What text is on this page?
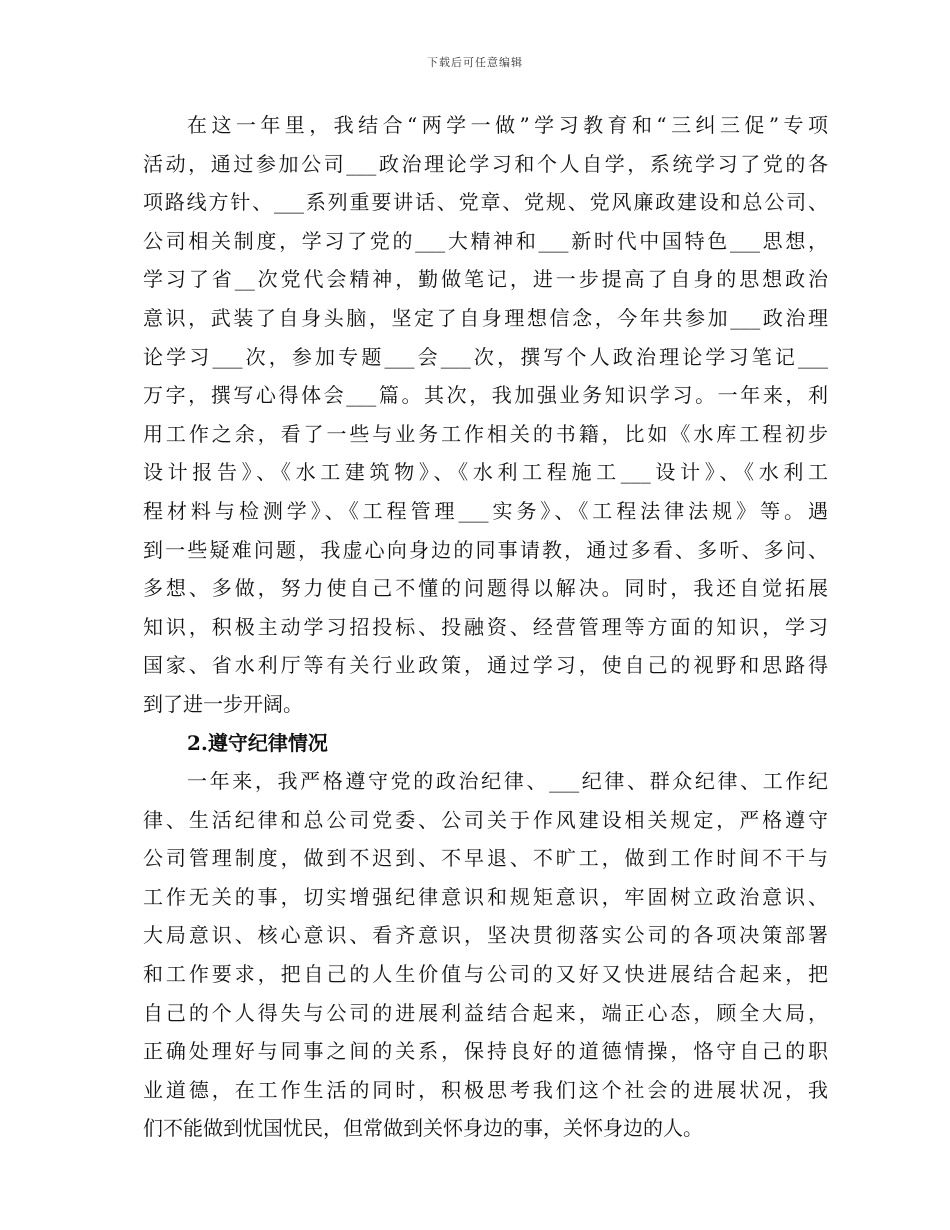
下载后可任意编辑
在这一年里，我结合“两学一做”学习教育和“三纠三促”专项
活动，通过参加公司___政治理论学习和个人自学，系统学习了党的各
项路线方针、___系列重要讲话、党章、党规、党风廉政建设和总公司、
公司相关制度，学习了党的___大精神和___新时代中国特色___思想，
学习了省__次党代会精神，勤做笔记，进一步提高了自身的思想政治
意识，武装了自身头脑，坚定了自身理想信念，今年共参加___政治理
论学习___次，参加专题___会___次，撰写个人政治理论学习笔记___
万字，撰写心得体会___篇。其次，我加强业务知识学习。一年来，利
用工作之余，看了一些与业务工作相关的书籍，比如《水库工程初步
设计报告》、《水工建筑物》、《水利工程施工___设计》、《水利工
程材料与检测学》、《工程管理___实务》、《工程法律法规》等。遇
到一些疑难问题，我虚心向身边的同事请教，通过多看、多听、多问、
多想、多做，努力使自己不懂的问题得以解决。同时，我还自觉拓展
知识，积极主动学习招投标、投融资、经营管理等方面的知识，学习
国家、省水利厅等有关行业政策，通过学习，使自己的视野和思路得
到了进一步开阔。
2.遵守纪律情况
一年来，我严格遵守党的政治纪律、___纪律、群众纪律、工作纪
律、生活纪律和总公司党委、公司关于作风建设相关规定，严格遵守
公司管理制度，做到不迟到、不早退、不旷工，做到工作时间不干与
工作无关的事，切实增强纪律意识和规矩意识，牢固树立政治意识、
大局意识、核心意识、看齐意识，坚决贯彻落实公司的各项决策部署
和工作要求，把自己的人生价值与公司的又好又快进展结合起来，把
自己的个人得失与公司的进展利益结合起来，端正心态，顾全大局，
正确处理好与同事之间的关系，保持良好的道德情操，恪守自己的职
业道德，在工作生活的同时，积极思考我们这个社会的进展状况，我
们不能做到忧国忧民，但常做到关怀身边的事，关怀身边的人。
